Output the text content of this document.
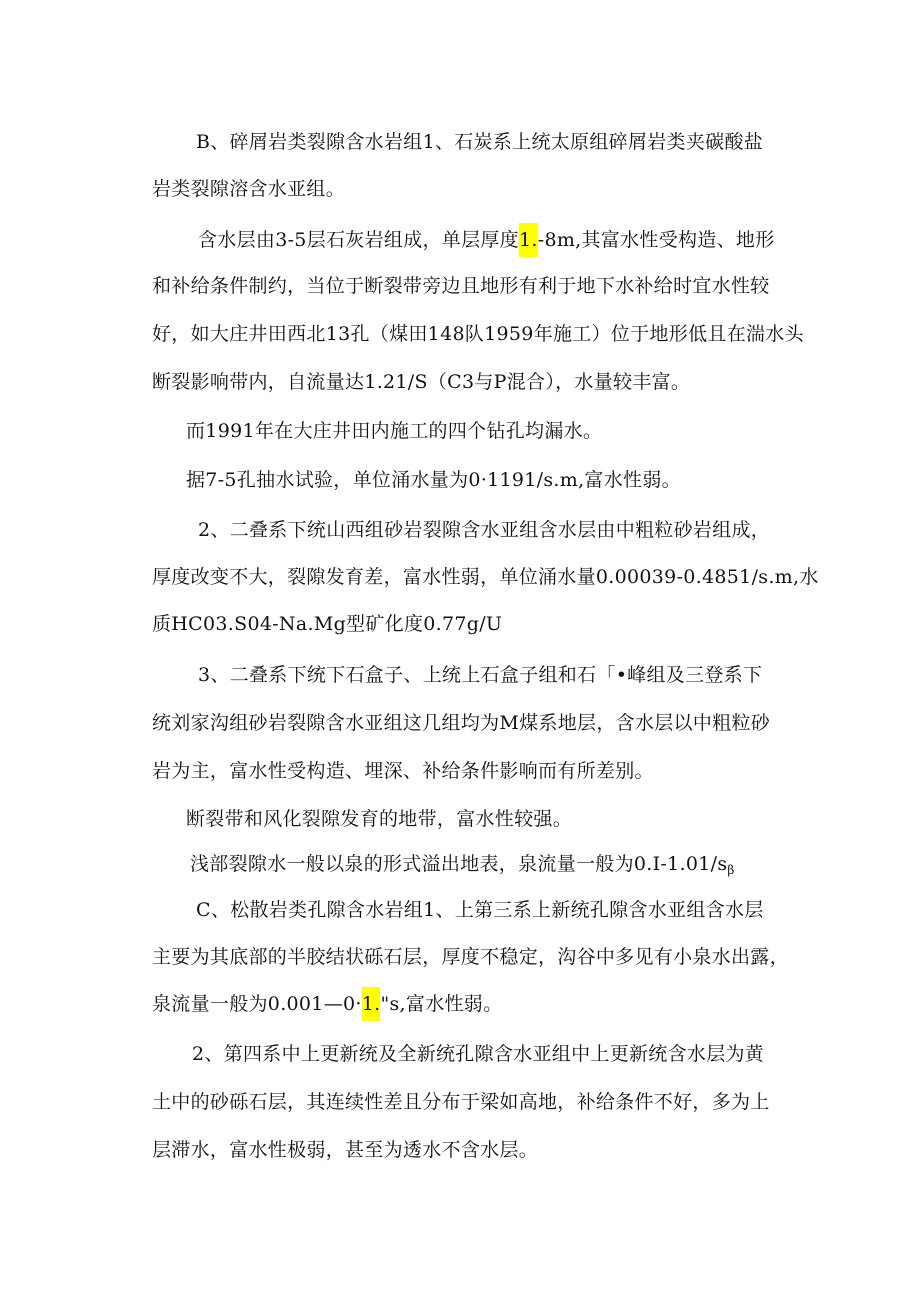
B、碎屑岩类裂隙含水岩组1、石炭系上统太原组碎屑岩类夹碳酸盐
岩类裂隙溶含水亚组。
含水层由3-5层石灰岩组成，单层厚度1.-8m,其富水性受构造、地形
和补给条件制约，当位于断裂带旁边且地形有利于地下水补给时宜水性较
好，如大庄井田西北13孔（煤田148队1959年施工）位于地形低且在湍水头
断裂影响带内，自流量达1.21/S（C3与P混合），水量较丰富。
而1991年在大庄井田内施工的四个钻孔均漏水。
据7-5孔抽水试验，单位涌水量为0·1191∕s.m,富水性弱。
2、二叠系下统山西组砂岩裂隙含水亚组含水层由中粗粒砂岩组成，
厚度改变不大，裂隙发育差，富水性弱，单位涌水量0.00039-0.4851/s.m,水
质HC03.S04-Na.Mg型矿化度0.77g∕U
3、二叠系下统下石盒子、上统上石盒子组和石「•峰组及三登系下
统刘家沟组砂岩裂隙含水亚组这几组均为M煤系地层，含水层以中粗粒砂
岩为主，富水性受构造、埋深、补给条件影响而有所差别。
断裂带和风化裂隙发育的地带，富水性较强。
浅部裂隙水一般以泉的形式溢出地表，泉流量一般为$0.I-1.01∕s_\beta$
C、松散岩类孔隙含水岩组1、上第三系上新统孔隙含水亚组含水层
主要为其底部的半胶结状砾石层，厚度不稳定，沟谷中多见有小泉水出露，
泉流量一般为0.001—0·1."s,富水性弱。
2、第四系中上更新统及全新统孔隙含水亚组中上更新统含水层为黄
土中的砂砾石层，其连续性差且分布于梁如高地，补给条件不好，多为上
层滞水，富水性极弱，甚至为透水不含水层。
